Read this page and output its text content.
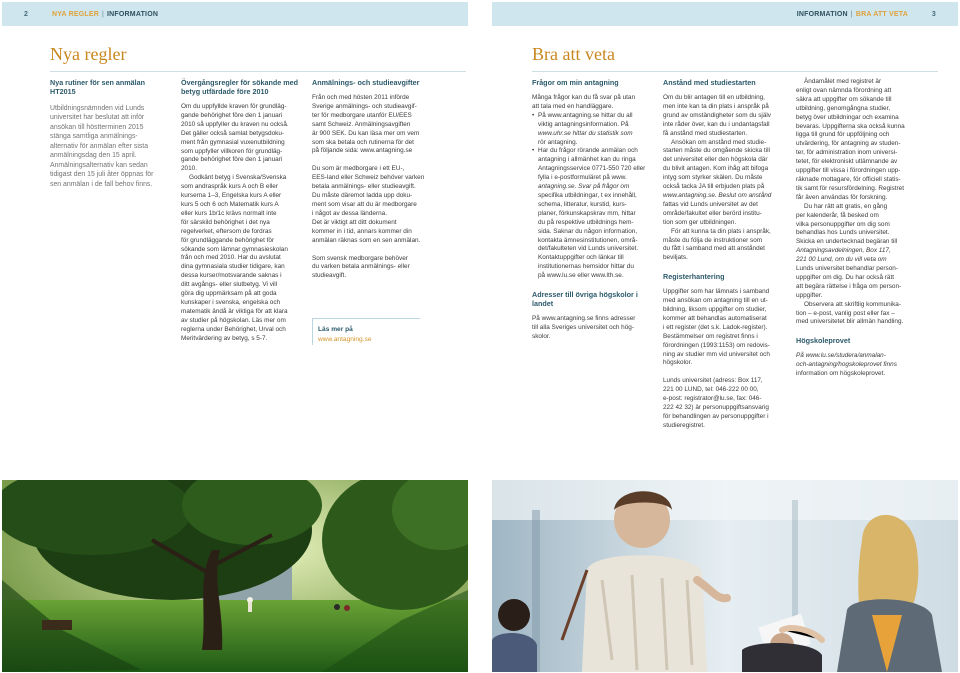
2	NYA REGLER | INFORMATION
Nya regler
Nya rutiner för sen anmälan HT2015
Utbildningsnämnden vid Lunds
universitet har beslutat att inför
ansökan till höstterminen 2015
stänga samtliga anmälnings-
alternativ för anmälan efter sista
anmälningsdag den 15 april.
Anmälningsalternativ kan sedan
tidigast den 15 juli åter öppnas för
sen anmälan i de fall behov finns.
Övergångsregler för sökande med betyg utfärdade före 2010
Om du uppfyllde kraven för grundläg-
gande behörighet före den 1 januari
2010 så uppfyller du kraven nu också.
Det gäller också samlat betygsdoku-
ment från gymnasial vuxenutbildning
som uppfyller villkoren för grundläg-
gande behörighet före den 1 januari
2010.
Godkänt betyg i Svenska/Svenska
som andraspråk kurs A och B eller
kurserna 1–3, Engelska kurs A eller
kurs 5 och 6 och Matematik kurs A
eller kurs 1b/1c krävs normalt inte
för särskild behörighet i det nya
regelverket, eftersom de fordras
för grundläggande behörighet för
sökande som lämnar gymnasieskolan
från och med 2010. Har du avslutat
dina gymnasiala studier tidigare, kan
dessa kurser/motsvarande saknas i
ditt avgångs- eller slutbetyg. Vi vill
göra dig uppmärksam på att goda
kunskaper i svenska, engelska och
matematik ändå är viktiga för att klara
av studier på högskolan. Läs mer om
reglerna under Behörighet, Urval och
Meritvärdering av betyg, s 5-7.
Anmälnings- och studieavgifter
Från och med hösten 2011 införde
Sverige anmälnings- och studieavgif-
ter för medborgare utanför EU/EES
samt Schweiz. Anmälningsavgiften
är 900 SEK. Du kan läsa mer om vem
som ska betala och rutinerna för det
på följande sida: www.antagning.se
Du som är medborgare i ett EU-,
EES-land eller Schweiz behöver varken
betala anmälnings- eller studieavgift.
Du måste däremot ladda upp doku-
ment som visar att du är medborgare
i något av dessa länderna.
Det är viktigt att ditt dokument
kommer in i tid, annars kommer din
anmälan räknas som en sen anmälan.
Som svensk medborgare behöver
du varken betala anmälnings- eller
studieavgift.
Läs mer på
www.antagning.se
INFORMATION | BRA ATT VETA	3
Bra att veta
Frågor om min antagning
Många frågor kan du få svar på utan
att tala med en handläggare.
• På www.antagning.se hittar du all
viktig antagningsinformation. På
www.uhr.se hittar du statistik som
rör antagning.
• Har du frågor rörande anmälan och
antagning i allmänhet kan du ringa
Antagningsservice 0771-550 720 eller
fylla i e-postformuläret på www.
antagning.se. Svar på frågor om
specifika utbildningar, t ex innehåll,
schema, litteratur, kurstid, kurs-
planer, förkunskapskrav mm, hittar
du på respektive utbildnings hem-
sida. Saknar du någon information,
kontakta ämnesinstitutionen, områ-
det/fakulteten vid Lunds universitet.
Kontaktuppgifter och länkar till
institutionernas hemsidor hittar du
på www.lu.se eller www.lth.se.
Adresser till övriga högskolor i landet
På www.antagning.se finns adresser
till alla Sveriges universitet och hög-
skolor.
Anstånd med studiestarten
Om du blir antagen till en utbildning,
men inte kan ta din plats i anspråk på
grund av omständigheter som du själv
inte råder över, kan du i undantagsfall
få anstånd med studiestarten.
Ansökan om anstånd med studie-
starten måste du omgående skicka till
det universitet eller den högskola där
du blivit antagen. Kom ihåg att bifoga
intyg som styrker skälen. Du måste
också tacka JA till erbjuden plats på
www.antagning.se. Beslut om anstånd
fattas vid Lunds universitet av det
område/fakultet eller berörd institu-
tion som ger utbildningen.
För att kunna ta din plats i anspråk,
måste du följa de instruktioner som
du fått i samband med att anståndet
beviljats.
Registerhantering
Uppgifter som har lämnats i samband
med ansökan om antagning till en ut-
bildning, liksom uppgifter om studier,
kommer att behandlas automatiserat
i ett register (det s.k. Ladok-register).
Bestämmelser om registret finns i
förordningen (1993:1153) om redovis-
ning av studier mm vid universitet och
högskolor.
Lunds universitet (adress: Box 117,
221 00 LUND, tel: 046-222 00 00,
e-post: registrator@lu.se, fax: 046-
222 42 32) är personuppgiftsansvarig
för behandlingen av personuppgifter i
studieregistret.
Ändamålet med registret är
enligt ovan nämnda förordning att
säkra att uppgifter om sökande till
utbildning, genomgångna studier,
betyg över utbildningar och examina
bevaras. Uppgifterna ska också kunna
ligga till grund för uppföljning och
utvärdering, för antagning av studen-
ter, för administration inom universi-
tetet, för elektroniskt utlämnande av
uppgifter till vissa i förordningen upp-
räknade mottagare, för officiell statis-
tik samt för resursfördelning. Registret
får även användas för forskning.
Du har rätt att gratis, en gång
per kalenderår, få besked om
vilka personuppgifter om dig som
behandlas hos Lunds universitet.
Skicka en undertecknad begäran till
Antagningsavdelningen, Box 117,
221 00 Lund, om du vill veta om
Lunds universitet behandlar person-
uppgifter om dig. Du har också rätt
att begära rättelse i fråga om person-
uppgifter.
Observera att skriftlig kommunika-
tion – e-post, vanlig post eller fax –
med universitetet blir allmän handling.
Högskoleprovet
På www.lu.se/studera/anmalan-
och-antagning/hogskoleprovet finns
information om högskoleprovet.
